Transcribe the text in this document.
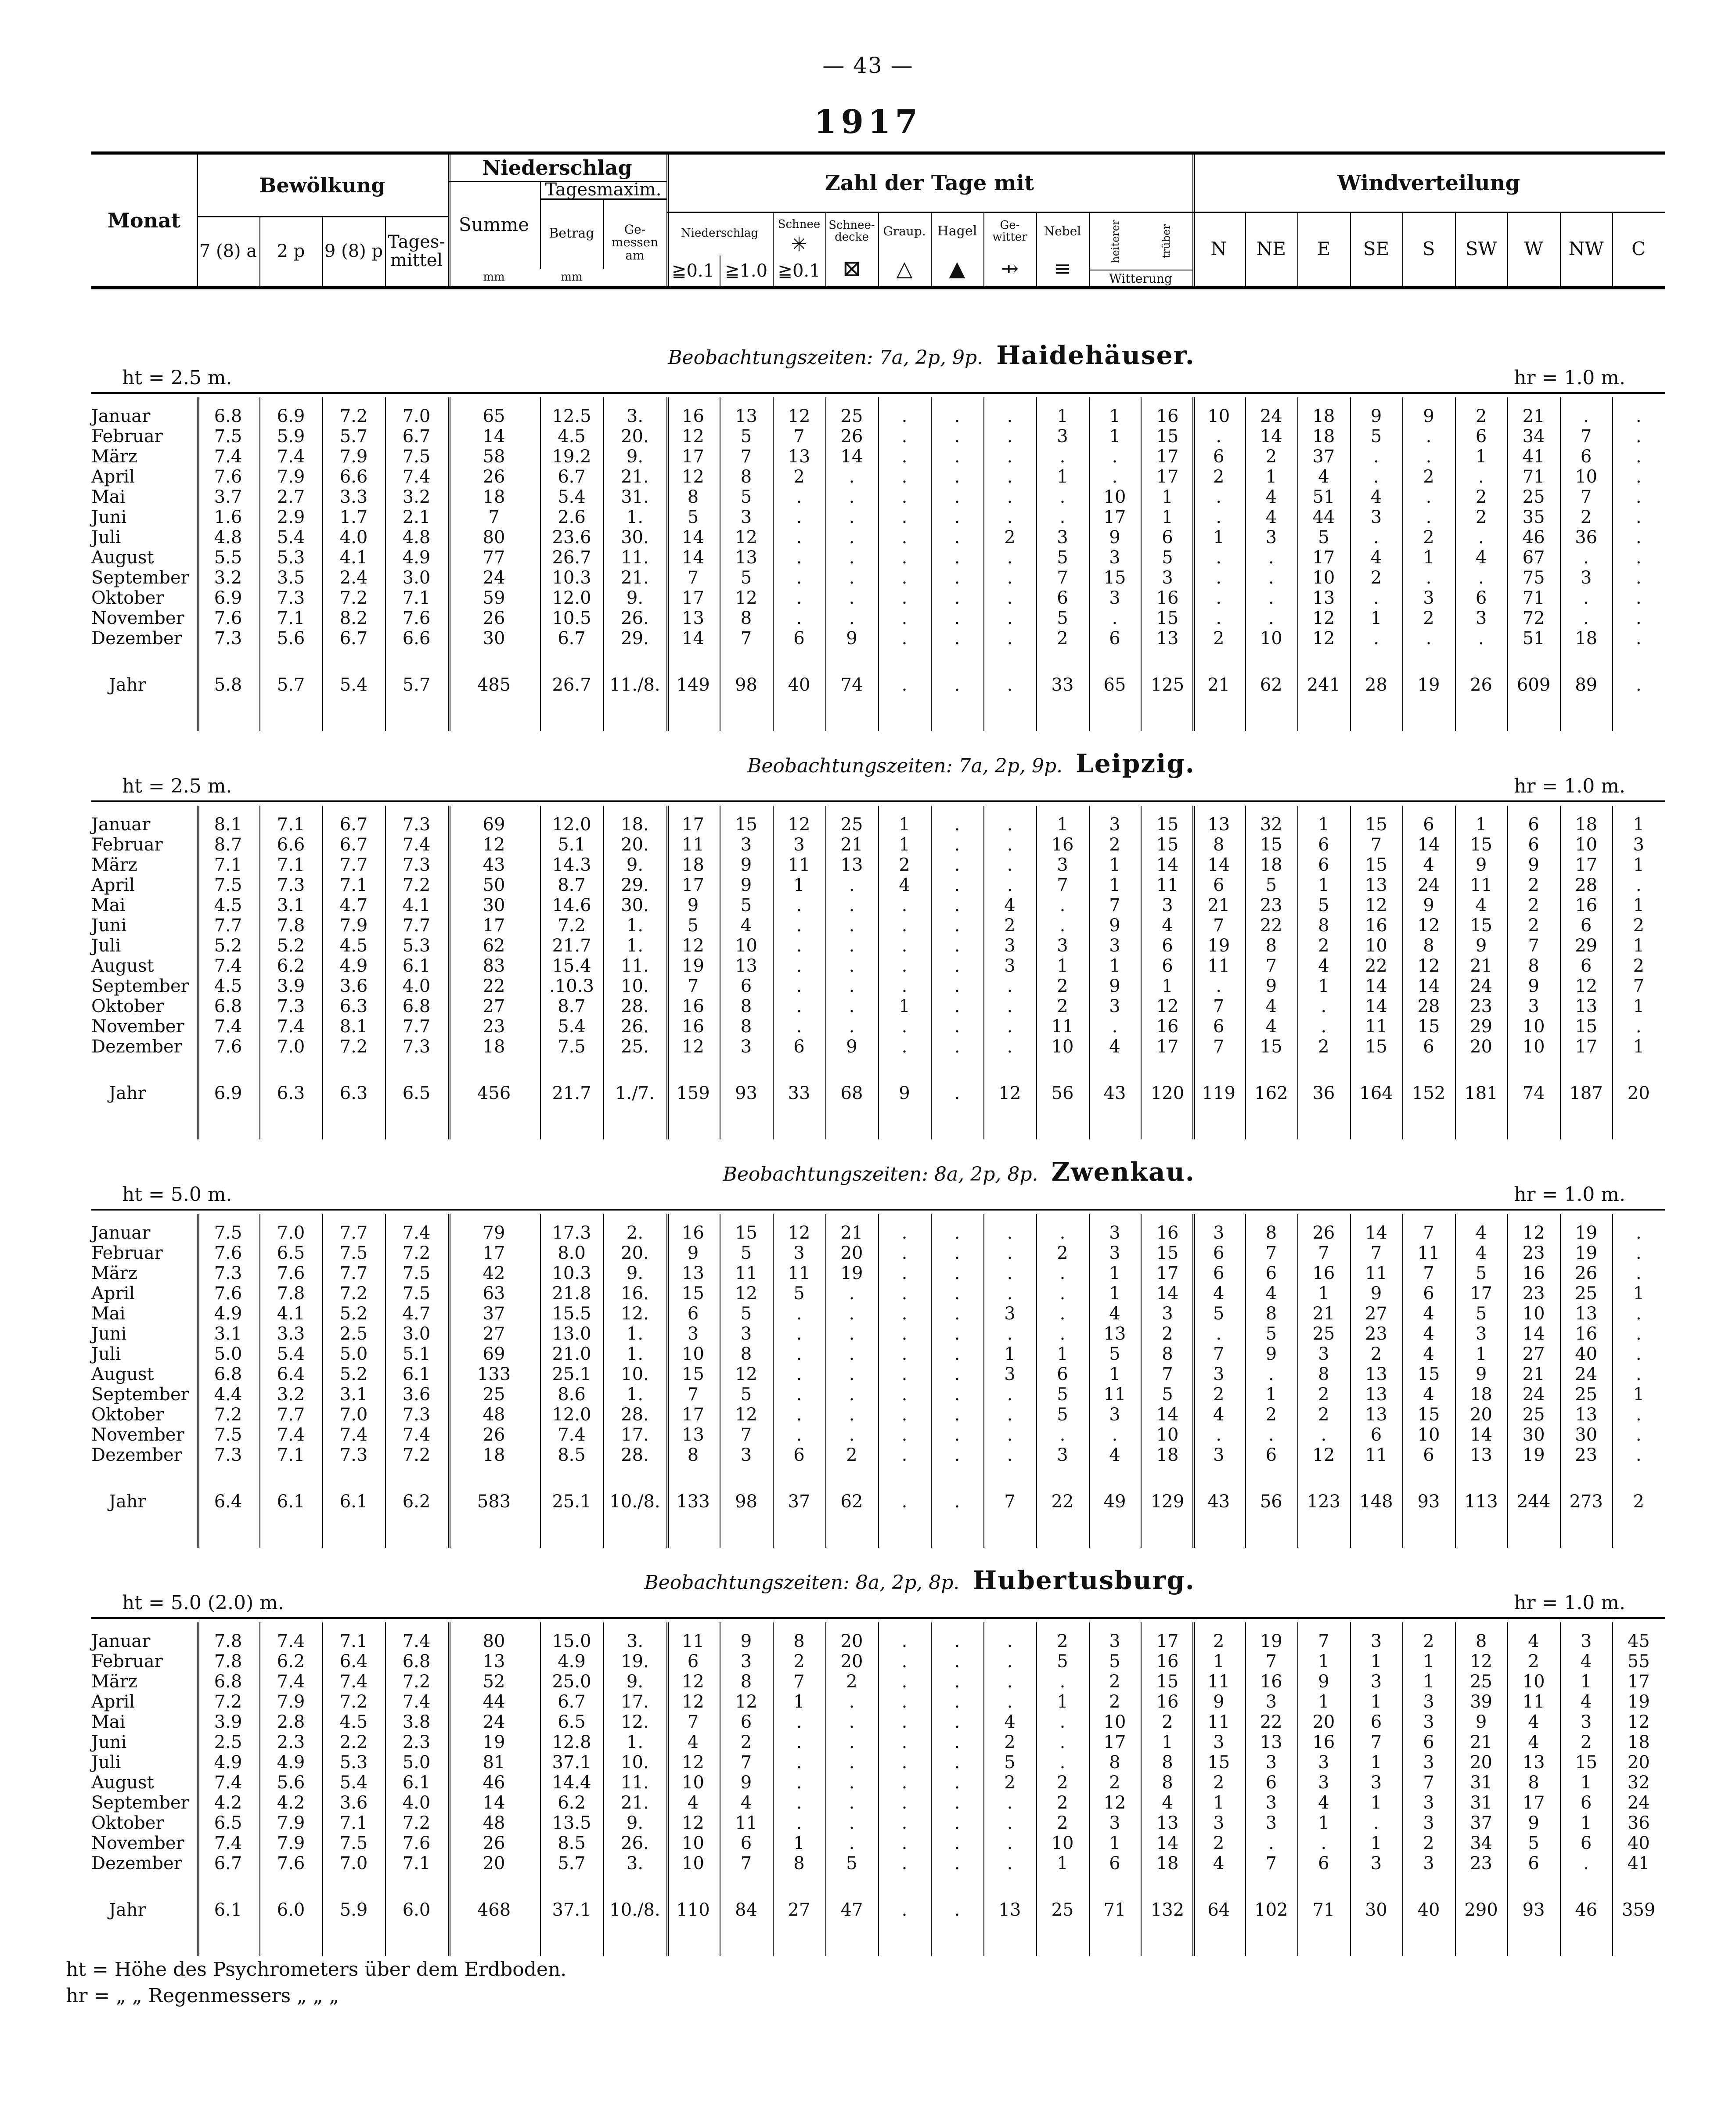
— 43 —
1917
Monat
Bewölkung
7 (8) a	2 p	9 (8) p Tages-mittel
Niederschlag
Summe
mm
Tagesmaxim.
Betrag
mm
Ge-messen am
Zahl der Tage mit
Niederschlag
≧0.1 ≧1.0
Schnee
✳
≧0.1
Schnee-decke
⊠
Graup.
△
Hagel
▲
Ge-witter
⇸
Nebel
≡
heiterer	trüber
Witterung
Windverteilung
N	NE	E	SE	S	SW	W	NW	C
Beobachtungszeiten: 7a, 2p, 9p. Haidehäuser.
ht = 2.5 m.	hr = 1.0 m.
Januar	6.8	6.9	7.2	7.0	65	12.5	3.	16	13	12	25	.	.	.	1	1	16	10	24	18	9	9	2	21	.	.
Februar	7.5	5.9	5.7	6.7	14	4.5	20.	12	5	7	26	.	.	.	3	1	15	.	14	18	5	.	6	34	7	.
März	7.4	7.4	7.9	7.5	58	19.2	9.	17	7	13	14	.	.	.	.	.	17	6	2	37	.	.	1	41	6	.
April	7.6	7.9	6.6	7.4	26	6.7	21.	12	8	2	.	.	.	.	1	.	17	2	1	4	.	2	.	71	10	.
Mai	3.7	2.7	3.3	3.2	18	5.4	31.	8	5	.	.	.	.	.	.	10	1	.	4	51	4	.	2	25	7	.
Juni	1.6	2.9	1.7	2.1	7	2.6	1.	5	3	.	.	.	.	.	.	17	1	.	4	44	3	.	2	35	2	.
Juli	4.8	5.4	4.0	4.8	80	23.6	30.	14	12	.	.	.	.	2	3	9	6	1	3	5	.	2	.	46	36	.
August	5.5	5.3	4.1	4.9	77	26.7	11.	14	13	.	.	.	.	.	5	3	5	.	.	17	4	1	4	67	.	.
September	3.2	3.5	2.4	3.0	24	10.3	21.	7	5	.	.	.	.	.	7	15	3	.	.	10	2	.	.	75	3	.
Oktober	6.9	7.3	7.2	7.1	59	12.0	9.	17	12	.	.	.	.	.	6	3	16	.	.	13	.	3	6	71	.	.
November	7.6	7.1	8.2	7.6	26	10.5	26.	13	8	.	.	.	.	.	5	.	15	.	.	12	1	2	3	72	.	.
Dezember	7.3	5.6	6.7	6.6	30	6.7	29.	14	7	6	9	.	.	.	2	6	13	2	10	12	.	.	.	51	18	.
Jahr	5.8	5.7	5.4	5.7	485	26.7	11./8. 149	98	40	74	.	.	.	33	65	125	21	62	241	28	19	26	609	89	.
Beobachtungszeiten: 7a, 2p, 9p. Leipzig.
ht = 2.5 m.	hr = 1.0 m.
Januar	8.1	7.1	6.7	7.3	69	12.0	18.	17	15	12	25	1	.	.	1	3	15	13	32	1	15	6	1	6	18	1
Februar	8.7	6.6	6.7	7.4	12	5.1	20.	11	3	3	21	1	.	.	16	2	15	8	15	6	7	14	15	6	10	3
März	7.1	7.1	7.7	7.3	43	14.3	9.	18	9	11	13	2	.	.	3	1	14	14	18	6	15	4	9	9	17	1
April	7.5	7.3	7.1	7.2	50	8.7	29.	17	9	1	.	4	.	.	7	1	11	6	5	1	13	24	11	2	28	.
Mai	4.5	3.1	4.7	4.1	30	14.6	30.	9	5	.	.	.	.	4	.	7	3	21	23	5	12	9	4	2	16	1
Juni	7.7	7.8	7.9	7.7	17	7.2	1.	5	4	.	.	.	.	2	.	9	4	7	22	8	16	12	15	2	6	2
Juli	5.2	5.2	4.5	5.3	62	21.7	1.	12	10	.	.	.	.	3	3	3	6	19	8	2	10	8	9	7	29	1
August	7.4	6.2	4.9	6.1	83	15.4	11.	19	13	.	.	.	.	3	1	1	6	11	7	4	22	12	21	8	6	2
September	4.5	3.9	3.6	4.0	22	.10.3	10.	7	6	.	.	.	.	.	2	9	1	.	9	1	14	14	24	9	12	7
Oktober	6.8	7.3	6.3	6.8	27	8.7	28.	16	8	.	.	1	.	.	2	3	12	7	4	.	14	28	23	3	13	1
November	7.4	7.4	8.1	7.7	23	5.4	26.	16	8	.	.	.	.	.	11	.	16	6	4	.	11	15	29	10	15	.
Dezember	7.6	7.0	7.2	7.3	18	7.5	25.	12	3	6	9	.	.	.	10	4	17	7	15	2	15	6	20	10	17	1
Jahr	6.9	6.3	6.3	6.5	456	21.7	1./7.	159	93	33	68	9	.	12	56	43	120	119	162	36	164	152	181	74	187	20
Beobachtungszeiten: 8a, 2p, 8p. Zwenkau.
ht = 5.0 m.	hr = 1.0 m.
Januar	7.5	7.0	7.7	7.4	79	17.3	2.	16	15	12	21	.	.	.	.	3	16	3	8	26	14	7	4	12	19	.
Februar	7.6	6.5	7.5	7.2	17	8.0	20.	9	5	3	20	.	.	.	2	3	15	6	7	7	7	11	4	23	19	.
März	7.3	7.6	7.7	7.5	42	10.3	9.	13	11	11	19	.	.	.	.	1	17	6	6	16	11	7	5	16	26	.
April	7.6	7.8	7.2	7.5	63	21.8	16.	15	12	5	.	.	.	.	.	1	14	4	4	1	9	6	17	23	25	1
Mai	4.9	4.1	5.2	4.7	37	15.5	12.	6	5	.	.	.	.	3	.	4	3	5	8	21	27	4	5	10	13	.
Juni	3.1	3.3	2.5	3.0	27	13.0	1.	3	3	.	.	.	.	.	.	13	2	.	5	25	23	4	3	14	16	.
Juli	5.0	5.4	5.0	5.1	69	21.0	1.	10	8	.	.	.	.	1	1	5	8	7	9	3	2	4	1	27	40	.
August	6.8	6.4	5.2	6.1	133	25.1	10.	15	12	.	.	.	.	3	6	1	7	3	.	8	13	15	9	21	24	.
September	4.4	3.2	3.1	3.6	25	8.6	1.	7	5	.	.	.	.	.	5	11	5	2	1	2	13	4	18	24	25	1
Oktober	7.2	7.7	7.0	7.3	48	12.0	28.	17	12	.	.	.	.	.	5	3	14	4	2	2	13	15	20	25	13	.
November	7.5	7.4	7.4	7.4	26	7.4	17.	13	7	.	.	.	.	.	.	.	10	.	.	.	6	10	14	30	30	.
Dezember	7.3	7.1	7.3	7.2	18	8.5	28.	8	3	6	2	.	.	.	3	4	18	3	6	12	11	6	13	19	23	.
Jahr	6.4	6.1	6.1	6.2	583	25.1	10./8. 133	98	37	62	.	.	7	22	49	129	43	56	123	148	93	113	244	273	2
Beobachtungszeiten: 8a, 2p, 8p. Hubertusburg.
ht = 5.0 (2.0) m.	hr = 1.0 m.
Januar	7.8	7.4	7.1	7.4	80	15.0	3.	11	9	8	20	.	.	.	2	3	17	2	19	7	3	2	8	4	3	45
Februar	7.8	6.2	6.4	6.8	13	4.9	19.	6	3	2	20	.	.	.	5	5	16	1	7	1	1	1	12	2	4	55
März	6.8	7.4	7.4	7.2	52	25.0	9.	12	8	7	2	.	.	.	.	2	15	11	16	9	3	1	25	10	1	17
April	7.2	7.9	7.2	7.4	44	6.7	17.	12	12	1	.	.	.	.	1	2	16	9	3	1	1	3	39	11	4	19
Mai	3.9	2.8	4.5	3.8	24	6.5	12.	7	6	.	.	.	.	4	.	10	2	11	22	20	6	3	9	4	3	12
Juni	2.5	2.3	2.2	2.3	19	12.8	1.	4	2	.	.	.	.	2	.	17	1	3	13	16	7	6	21	4	2	18
Juli	4.9	4.9	5.3	5.0	81	37.1	10.	12	7	.	.	.	.	5	.	8	8	15	3	3	1	3	20	13	15	20
August	7.4	5.6	5.4	6.1	46	14.4	11.	10	9	.	.	.	.	2	2	2	8	2	6	3	3	7	31	8	1	32
September	4.2	4.2	3.6	4.0	14	6.2	21.	4	4	.	.	.	.	.	2	12	4	1	3	4	1	3	31	17	6	24
Oktober	6.5	7.9	7.1	7.2	48	13.5	9.	12	11	.	.	.	.	.	2	3	13	3	3	1	.	3	37	9	1	36
November	7.4	7.9	7.5	7.6	26	8.5	26.	10	6	1	.	.	.	.	10	1	14	2	.	.	1	2	34	5	6	40
Dezember	6.7	7.6	7.0	7.1	20	5.7	3.	10	7	8	5	.	.	.	1	6	18	4	7	6	3	3	23	6	.	41
Jahr	6.1	6.0	5.9	6.0	468	37.1	10./8. 110	84	27	47	.	.	13	25	71	132	64	102	71	30	40	290	93	46	359
ht = Höhe des Psychrometers über dem Erdboden.
hr = „ „ Regenmessers „ „ „
